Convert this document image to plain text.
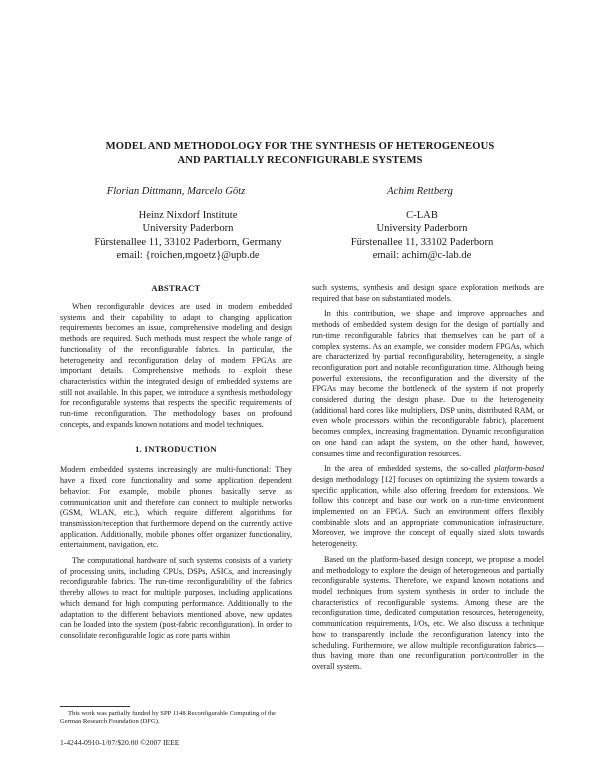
MODEL AND METHODOLOGY FOR THE SYNTHESIS OF HETEROGENEOUS
AND PARTIALLY RECONFIGURABLE SYSTEMS
Florian Dittmann, Marcelo Götz	Achim Rettberg
Heinz Nixdorf Institute
University Paderborn
Fürstenallee 11, 33102 Paderborn, Germany
email: {roichen,mgoetz}@upb.de
C-LAB
University Paderborn
Fürstenallee 11, 33102 Paderborn
email: achim@c-lab.de
ABSTRACT

When reconfigurable devices are used in modern embedded systems and their capability to adapt to changing application requirements becomes an issue, comprehensive modeling and design methods are required. Such methods must respect the whole range of functionality of the reconfigurable fabrics. In particular, the heterogeneity and reconfiguration delay of modern FPGAs are important details. Comprehensive methods to exploit these characteristics within the integrated design of embedded systems are still not available. In this paper, we introduce a synthesis methodology for reconfigurable systems that respects the specific requirements of run-time reconfiguration. The methodology bases on profound concepts, and expands known notations and model techniques.

1. INTRODUCTION

Modern embedded systems increasingly are multi-functional: They have a fixed core functionality and some application dependent behavior. For example, mobile phones basically serve as communication unit and therefore can connect to multiple networks (GSM, WLAN, etc.), which require different algorithms for transmission/reception that furthermore depend on the currently active application. Additionally, mobile phones offer organizer functionality, entertainment, navigation, etc.

The computational hardware of such systems consists of a variety of processing units, including CPUs, DSPs, ASICs, and increasingly reconfigurable fabrics. The run-time reconfigurability of the fabrics thereby allows to react for multiple purposes, including applications which demand for high computing performance. Additionally to the adaptation to the different behaviors mentioned above, new updates can be loaded into the system (post-fabric reconfiguration). In order to consolidate reconfigurable logic as core parts within

such systems, synthesis and design space exploration methods are required that base on substantiated models.

In this contribution, we shape and improve approaches and methods of embedded system design for the design of partially and run-time reconfigurable fabrics that themselves can be part of a complex systems. As an example, we consider modern FPGAs, which are characterized by partial reconfigurability, heterogeneity, a single reconfiguration port and notable reconfiguration time. Although being powerful extensions, the reconfiguration and the diversity of the FPGAs may become the bottleneck of the system if not properly considered during the design phase. Due to the heterogeneity (additional hard cores like multipliers, DSP units, distributed RAM, or even whole processors within the reconfigurable fabric), placement becomes complex, increasing fragmentation. Dynamic reconfiguration on one hand can adapt the system, on the other hand, however, consumes time and reconfiguration resources.

In the area of embedded systems, the so-called platform-based design methodology [12] focuses on optimizing the system towards a specific application, while also offering freedom for extensions. We follow this concept and base our work on a run-time environment implemented on an FPGA. Such an environment offers flexibly combinable slots and an appropriate communication infrastructure. Moreover, we improve the concept of equally sized slots towards heterogeneity.

Based on the platform-based design concept, we propose a model and methodology to explore the design of heterogeneous and partially reconfigurable systems. Therefore, we expand known notations and model techniques from system synthesis in order to include the characteristics of reconfigurable systems. Among these are the reconfiguration time, dedicated computation resources, heterogeneity, communication requirements, I/Os, etc. We also discuss a technique how to transparently include the reconfiguration latency into the scheduling. Furthermore, we allow multiple reconfiguration fabrics—thus having more than one reconfiguration port/controller in the overall system.

This work was partially funded by SPP 1148 Reconfigurable Computing of the German Research Foundation (DFG).
1-4244-0910-1/07/$20.00 ©2007 IEEE
